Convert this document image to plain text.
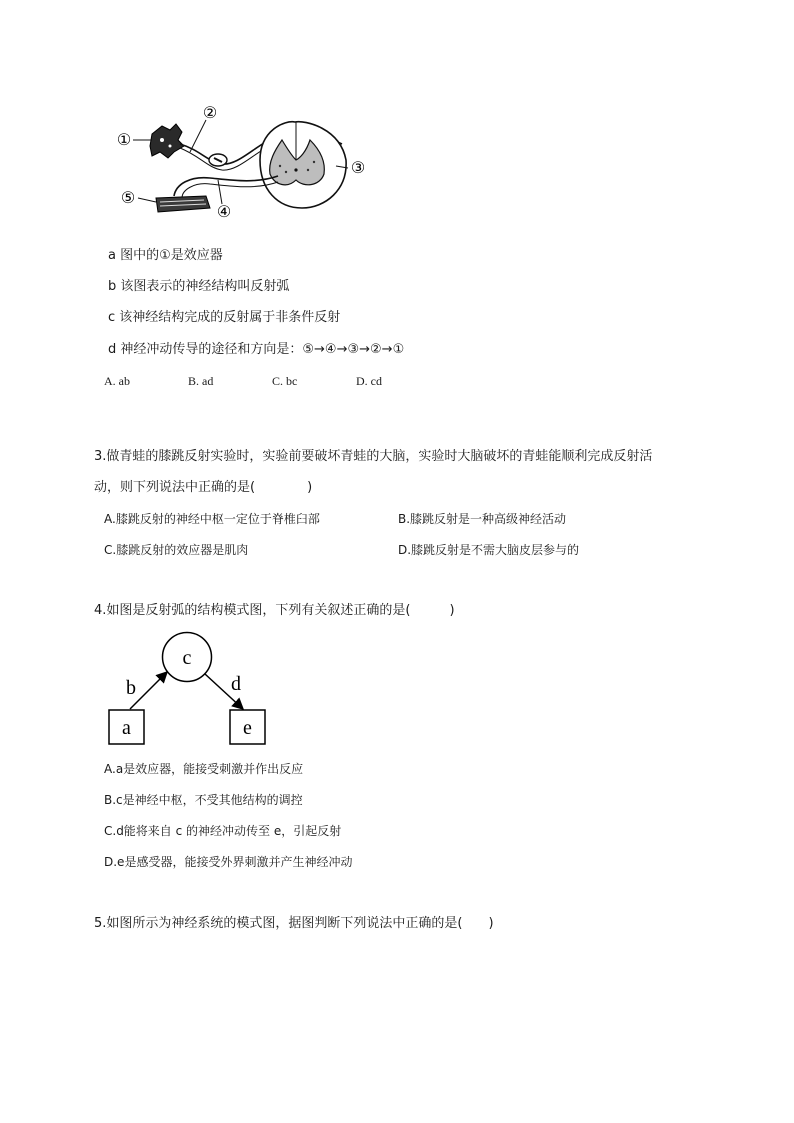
①
②
③
④
⑤
a 图中的①是效应器
b 该图表示的神经结构叫反射弧
c 该神经结构完成的反射属于非条件反射
d 神经冲动传导的途径和方向是：⑤→④→③→②→①
A. ab	B. ad	C. bc	D. cd
3.做青蛙的膝跳反射实验时，实验前要破坏青蛙的大脑，实验时大脑破坏的青蛙能顺利完成反射活
动，则下列说法中正确的是(　　　　)
A.膝跳反射的神经中枢一定位于脊椎臼部	B.膝跳反射是一种高级神经活动
C.膝跳反射的效应器是肌肉	D.膝跳反射是不需大脑皮层参与的
4.如图是反射弧的结构模式图，下列有关叙述正确的是(　　　)
a
c
e
b	d
A.a是效应器，能接受刺激并作出反应
B.c是神经中枢，不受其他结构的调控
C.d能将来自 c 的神经冲动传至 e，引起反射
D.e是感受器，能接受外界刺激并产生神经冲动
5.如图所示为神经系统的模式图，据图判断下列说法中正确的是(　　)
